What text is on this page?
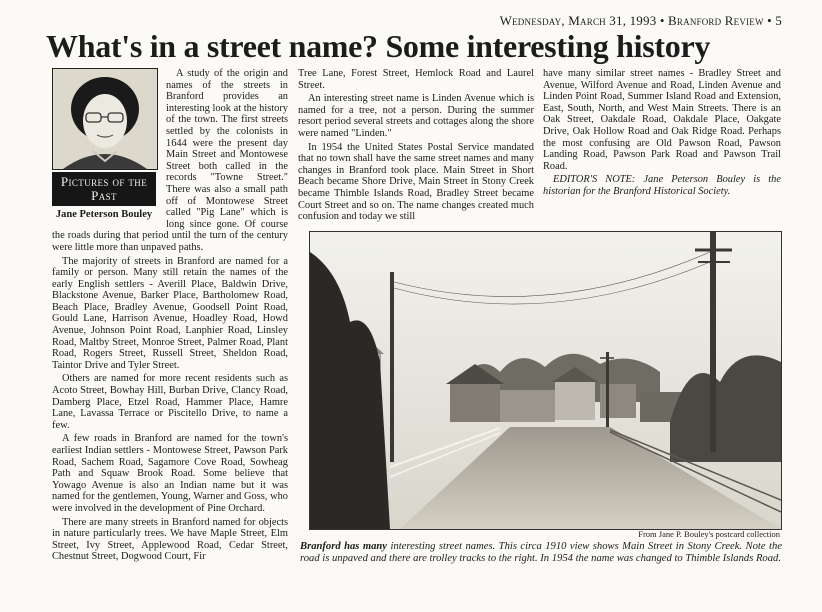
Wednesday, March 31, 1993 • Branford Review • 5
What's in a street name? Some interesting history
Pictures of the Past
Jane Peterson Bouley

A study of the origin and names of the streets in Branford provides an interesting look at the history of the town. The first streets settled by the colonists in 1644 were the present day Main Street and Montowese Street both called in the records "Towne Street." There was also a small path off of Montowese Street called "Pig Lane" which is long since gone. Of course the roads during that period until the turn of the century were little more than unpaved paths.

The majority of streets in Branford are named for a family or person. Many still retain the names of the early English settlers - Averill Place, Baldwin Drive, Blackstone Avenue, Barker Place, Bartholomew Road, Beach Place, Bradley Avenue, Goodsell Point Road, Gould Lane, Harrison Avenue, Hoadley Road, Howd Avenue, Johnson Point Road, Lanphier Road, Linsley Road, Maltby Street, Monroe Street, Palmer Road, Plant Road, Rogers Street, Russell Street, Sheldon Road, Taintor Drive and Tyler Street.

Others are named for more recent residents such as Acoto Street, Bowhay Hill, Burban Drive, Clancy Road, Damberg Place, Etzel Road, Hammer Place, Hamre Lane, Lavassa Terrace or Piscitello Drive, to name a few.

A few roads in Branford are named for the town's earliest Indian settlers - Montowese Street, Pawson Park Road, Sachem Road, Sagamore Cove Road, Sowheag Path and Squaw Brook Road. Some believe that Yowago Avenue is also an Indian name but it was named for the gentlemen, Young, Warner and Goss, who were involved in the development of Pine Orchard.

There are many streets in Branford named for objects in nature particularly trees. We have Maple Street, Elm Street, Ivy Street, Applewood Road, Cedar Street, Chestnut Street, Dogwood Court, Fir

Tree Lane, Forest Street, Hemlock Road and Laurel Street.

An interesting street name is Linden Avenue which is named for a tree, not a person. During the summer resort period several streets and cottages along the shore were named "Linden."

In 1954 the United States Postal Service mandated that no town shall have the same street names and many changes in Branford took place. Main Street in Short Beach became Shore Drive, Main Street in Stony Creek became Thimble Islands Road, Bradley Street became Court Street and so on. The name changes created much confusion and today we still

have many similar street names - Bradley Street and Avenue, Wilford Avenue and Road, Linden Avenue and Linden Point Road, Summer Island Road and Extension, East, South, North, and West Main Streets. There is an Oak Street, Oakdale Road, Oakdale Place, Oakgate Drive, Oak Hollow Road and Oak Ridge Road. Perhaps the most confusing are Old Pawson Road, Pawson Landing Road, Pawson Park Road and Pawson Trail Road.

EDITOR'S NOTE: Jane Peterson Bouley is the historian for the Branford Historical Society.

From Jane P. Bouley's postcard collection
Branford has many interesting street names. This circa 1910 view shows Main Street in Stony Creek. Note the road is unpaved and there are trolley tracks to the right. In 1954 the name was changed to Thimble Islands Road.
